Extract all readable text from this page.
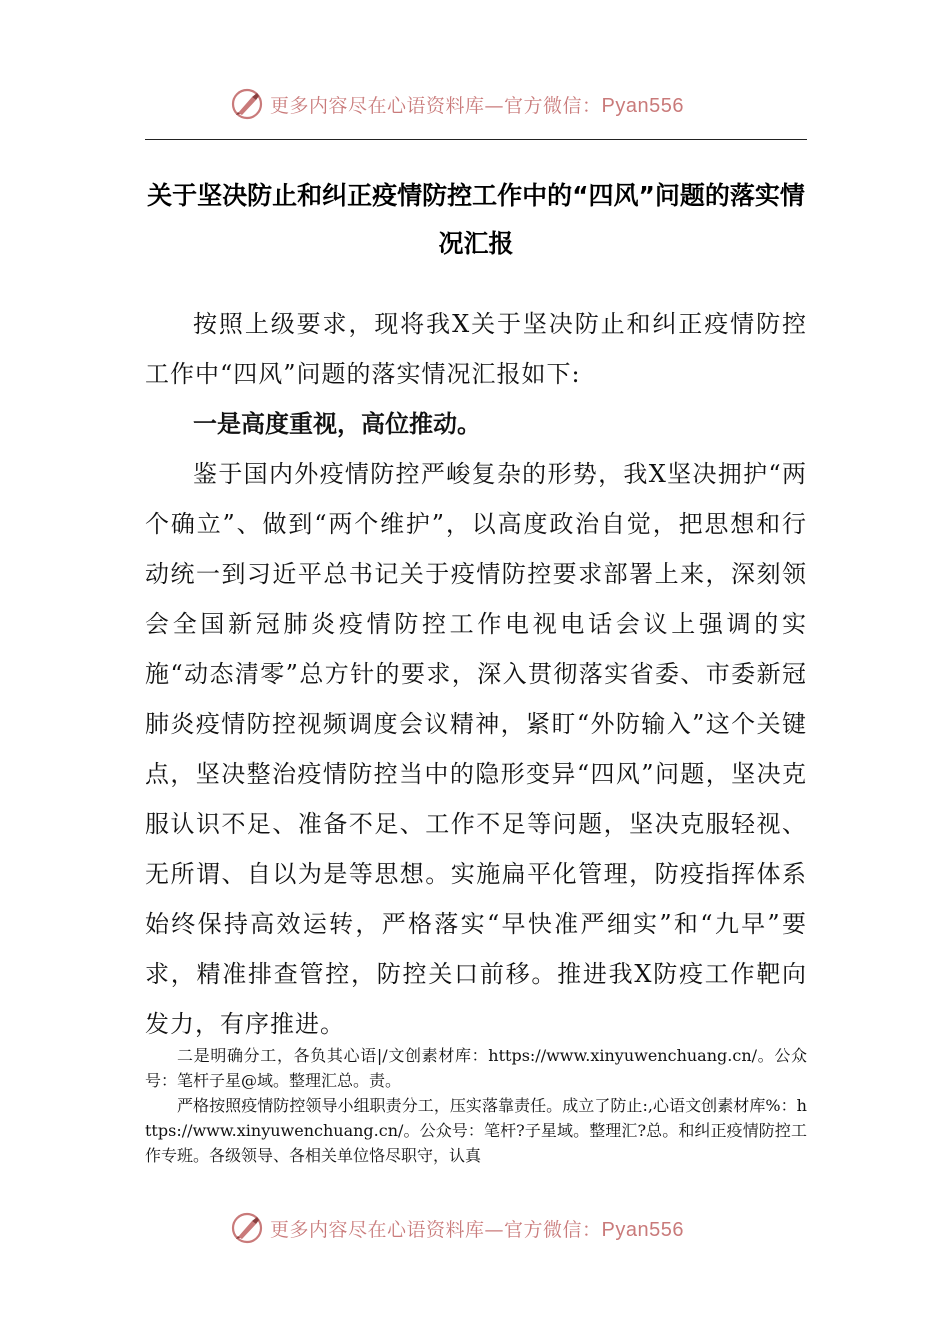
更多内容尽在心语资料库—官方微信：Pyan556
关于坚决防止和纠正疫情防控工作中的“四风”问题的落实情况汇报

按照上级要求，现将我X关于坚决防止和纠正疫情防控工作中“四风”问题的落实情况汇报如下:

一是高度重视，高位推动。

鉴于国内外疫情防控严峻复杂的形势，我X坚决拥护“两个确立”、做到“两个维护”，以高度政治自觉，把思想和行动统一到习近平总书记关于疫情防控要求部署上来，深刻领会全国新冠肺炎疫情防控工作电视电话会议上强调的实施“动态清零”总方针的要求，深入贯彻落实省委、市委新冠肺炎疫情防控视频调度会议精神，紧盯“外防输入”这个关键点，坚决整治疫情防控当中的隐形变异“四风”问题，坚决克服认识不足、准备不足、工作不足等问题，坚决克服轻视、无所谓、自以为是等思想。实施扁平化管理，防疫指挥体系始终保持高效运转，严格落实“早快准严细实”和“九早”要求，精准排查管控，防控关口前移。推进我X防疫工作靶向发力，有序推进。

二是明确分工，各负其心语|/文创素材库：https://www.xinyuwenchuang.cn/。公众号：笔杆子星@域。整理汇总。责。

严格按照疫情防控领导小组职责分工，压实落靠责任。成立了防止:,心语文创素材库%：https://www.xinyuwenchuang.cn/。公众号：笔杆?子星域。整理汇?总。和纠正疫情防控工作专班。各级领导、各相关单位恪尽职守，认真

更多内容尽在心语资料库—官方微信：Pyan556
